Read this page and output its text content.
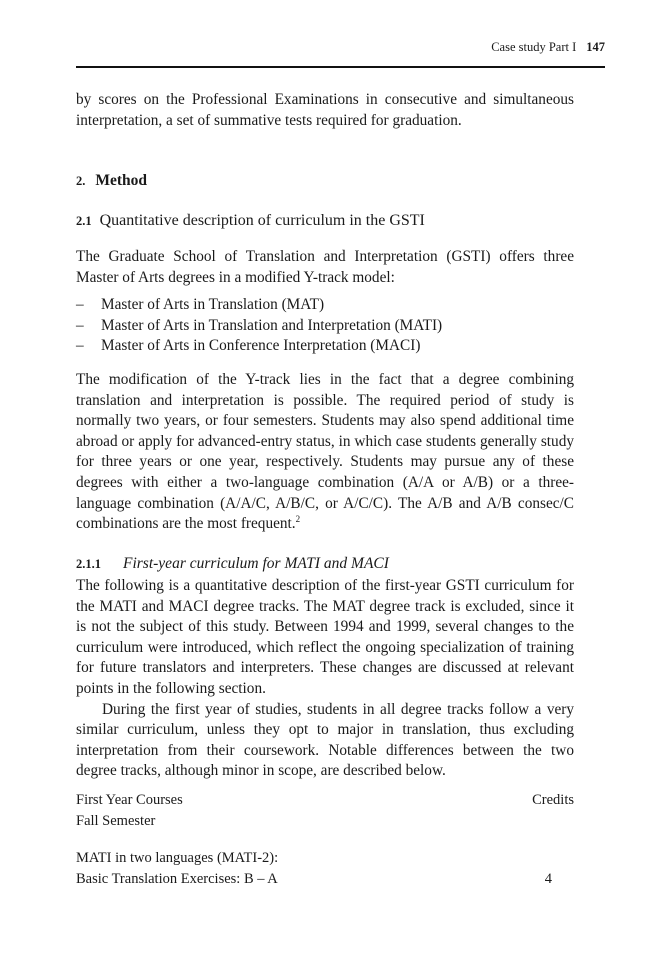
Case study Part I 147

by scores on the Professional Examinations in consecutive and simultaneous interpretation, a set of summative tests required for graduation.

2. Method
2.1 Quantitative description of curriculum in the GSTI

The Graduate School of Translation and Interpretation (GSTI) offers three Master of Arts degrees in a modified Y-track model:

– Master of Arts in Translation (MAT)
– Master of Arts in Translation and Interpretation (MATI)
– Master of Arts in Conference Interpretation (MACI)

The modification of the Y-track lies in the fact that a degree combining translation and interpretation is possible. The required period of study is normally two years, or four semesters. Students may also spend additional time abroad or apply for advanced-entry status, in which case students generally study for three years or one year, respectively. Students may pursue any of these degrees with either a two-language combination (A/A or A/B) or a three-language combination (A/A/C, A/B/C, or A/C/C). The A/B and A/B consec/C combinations are the most frequent.$^2$

2.1.1 First-year curriculum for MATI and MACI

The following is a quantitative description of the first-year GSTI curriculum for the MATI and MACI degree tracks. The MAT degree track is excluded, since it is not the subject of this study. Between 1994 and 1999, several changes to the curriculum were introduced, which reflect the ongoing specialization of training for future translators and interpreters. These changes are discussed at relevant points in the following section.

During the first year of studies, students in all degree tracks follow a very similar curriculum, unless they opt to major in translation, thus excluding interpretation from their coursework. Notable differences between the two degree tracks, although minor in scope, are described below.

First Year Courses	Credits
Fall Semester
MATI in two languages (MATI-2):
Basic Translation Exercises: B – A	4
